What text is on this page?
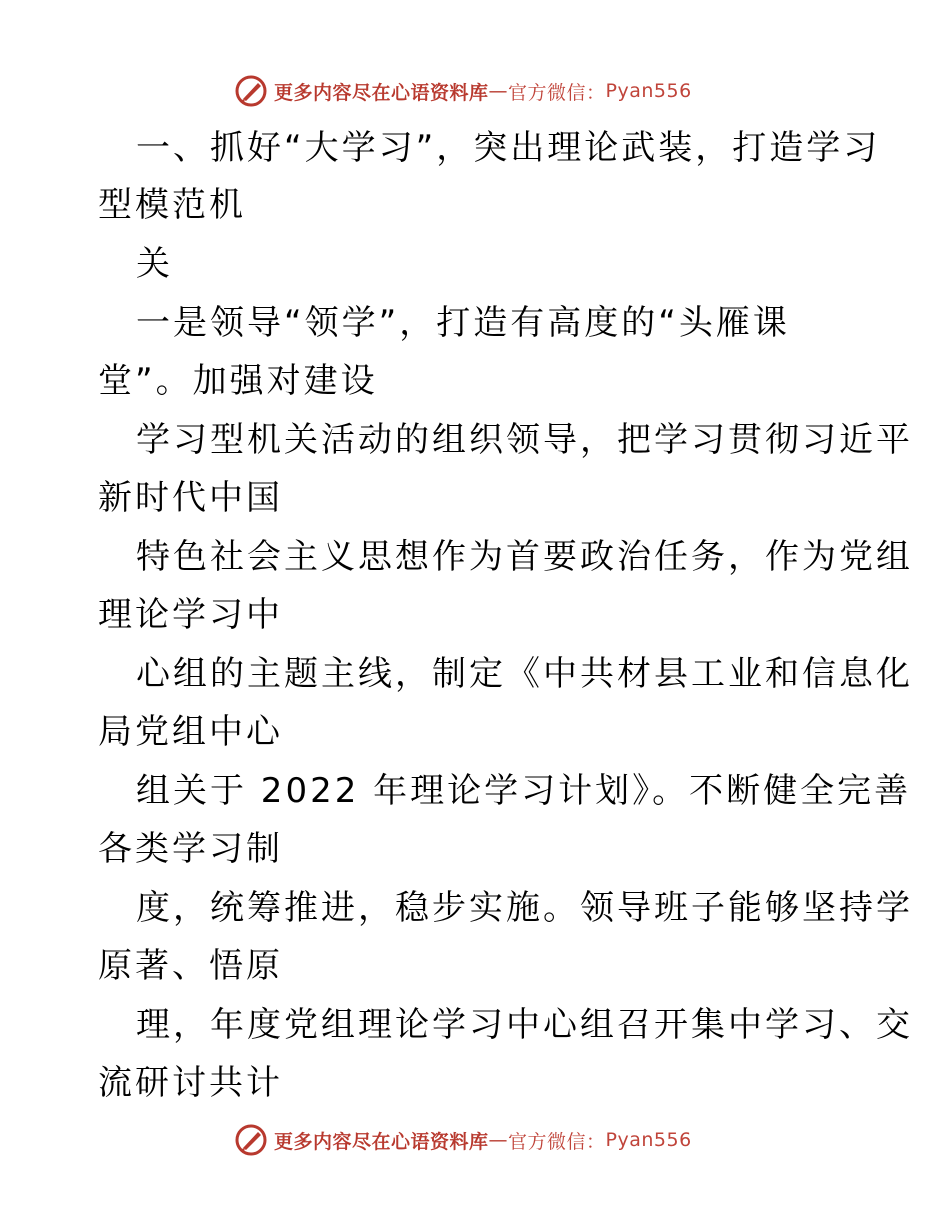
更多内容尽在心语资料库 — 官方微信： Pyan556
一、抓好“大学习”，突出理论武装，打造学习
型模范机
关
一是领导“领学”，打造有高度的“头雁课
堂”。加强对建设
学习型机关活动的组织领导，把学习贯彻习近平
新时代中国
特色社会主义思想作为首要政治任务，作为党组
理论学习中
心组的主题主线，制定《中共材县工业和信息化
局党组中心
组关于 2022 年理论学习计划》。不断健全完善
各类学习制
度，统筹推进，稳步实施。领导班子能够坚持学
原著、悟原
理，年度党组理论学习中心组召开集中学习、交
流研讨共计
更多内容尽在心语资料库 — 官方微信： Pyan556
